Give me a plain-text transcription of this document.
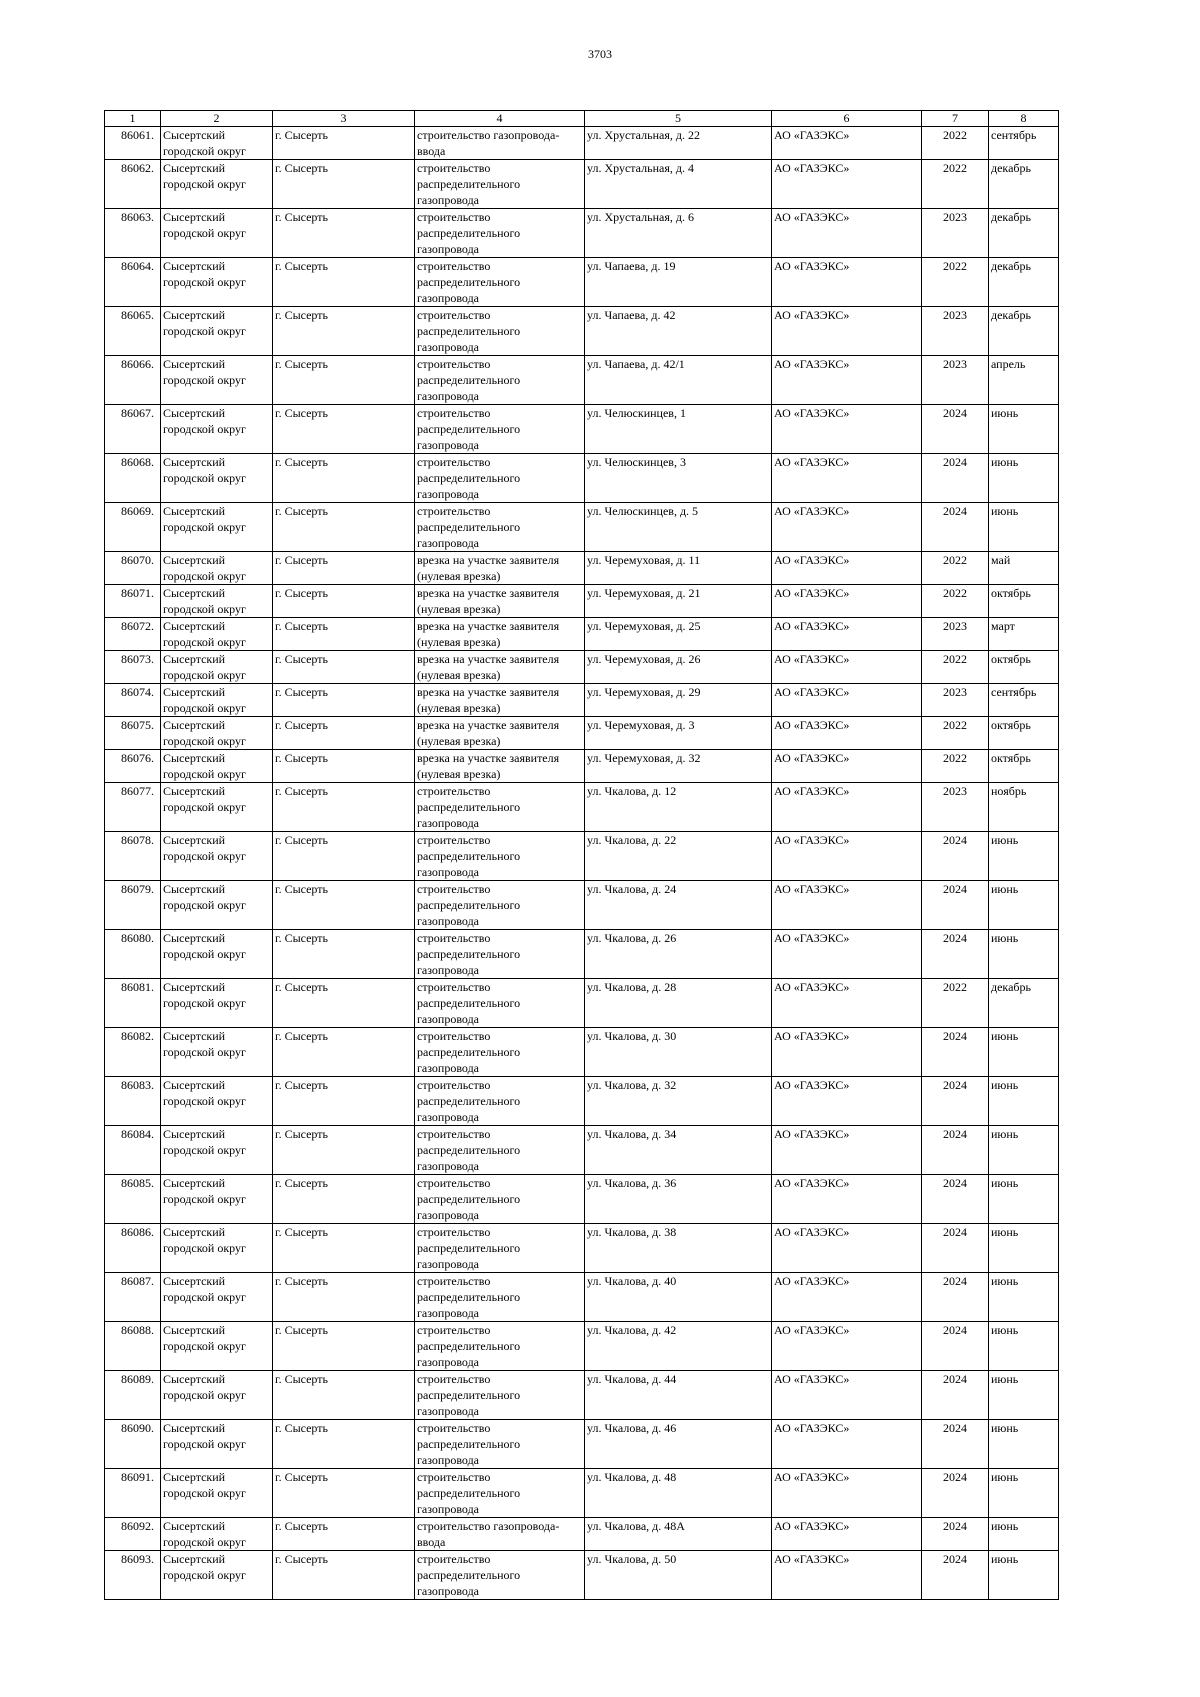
3703
1	2	3	4	5	6	7	8
86061.	Сысертский городской округ	г. Сысерть	строительство газопровода-ввода	ул. Хрустальная, д. 22	АО «ГАЗЭКС»	2022	сентябрь
86062.	Сысертский городской округ	г. Сысерть	строительство распределительного газопровода	ул. Хрустальная, д. 4	АО «ГАЗЭКС»	2022	декабрь
86063.	Сысертский городской округ	г. Сысерть	строительство распределительного газопровода	ул. Хрустальная, д. 6	АО «ГАЗЭКС»	2023	декабрь
86064.	Сысертский городской округ	г. Сысерть	строительство распределительного газопровода	ул. Чапаева, д. 19	АО «ГАЗЭКС»	2022	декабрь
86065.	Сысертский городской округ	г. Сысерть	строительство распределительного газопровода	ул. Чапаева, д. 42	АО «ГАЗЭКС»	2023	декабрь
86066.	Сысертский городской округ	г. Сысерть	строительство распределительного газопровода	ул. Чапаева, д. 42/1	АО «ГАЗЭКС»	2023	апрель
86067.	Сысертский городской округ	г. Сысерть	строительство распределительного газопровода	ул. Челюскинцев, 1	АО «ГАЗЭКС»	2024	июнь
86068.	Сысертский городской округ	г. Сысерть	строительство распределительного газопровода	ул. Челюскинцев, 3	АО «ГАЗЭКС»	2024	июнь
86069.	Сысертский городской округ	г. Сысерть	строительство распределительного газопровода	ул. Челюскинцев, д. 5	АО «ГАЗЭКС»	2024	июнь
86070.	Сысертский городской округ	г. Сысерть	врезка на участке заявителя (нулевая врезка)	ул. Черемуховая, д. 11	АО «ГАЗЭКС»	2022	май
86071.	Сысертский городской округ	г. Сысерть	врезка на участке заявителя (нулевая врезка)	ул. Черемуховая, д. 21	АО «ГАЗЭКС»	2022	октябрь
86072.	Сысертский городской округ	г. Сысерть	врезка на участке заявителя (нулевая врезка)	ул. Черемуховая, д. 25	АО «ГАЗЭКС»	2023	март
86073.	Сысертский городской округ	г. Сысерть	врезка на участке заявителя (нулевая врезка)	ул. Черемуховая, д. 26	АО «ГАЗЭКС»	2022	октябрь
86074.	Сысертский городской округ	г. Сысерть	врезка на участке заявителя (нулевая врезка)	ул. Черемуховая, д. 29	АО «ГАЗЭКС»	2023	сентябрь
86075.	Сысертский городской округ	г. Сысерть	врезка на участке заявителя (нулевая врезка)	ул. Черемуховая, д. 3	АО «ГАЗЭКС»	2022	октябрь
86076.	Сысертский городской округ	г. Сысерть	врезка на участке заявителя (нулевая врезка)	ул. Черемуховая, д. 32	АО «ГАЗЭКС»	2022	октябрь
86077.	Сысертский городской округ	г. Сысерть	строительство распределительного газопровода	ул. Чкалова, д. 12	АО «ГАЗЭКС»	2023	ноябрь
86078.	Сысертский городской округ	г. Сысерть	строительство распределительного газопровода	ул. Чкалова, д. 22	АО «ГАЗЭКС»	2024	июнь
86079.	Сысертский городской округ	г. Сысерть	строительство распределительного газопровода	ул. Чкалова, д. 24	АО «ГАЗЭКС»	2024	июнь
86080.	Сысертский городской округ	г. Сысерть	строительство распределительного газопровода	ул. Чкалова, д. 26	АО «ГАЗЭКС»	2024	июнь
86081.	Сысертский городской округ	г. Сысерть	строительство распределительного газопровода	ул. Чкалова, д. 28	АО «ГАЗЭКС»	2022	декабрь
86082.	Сысертский городской округ	г. Сысерть	строительство распределительного газопровода	ул. Чкалова, д. 30	АО «ГАЗЭКС»	2024	июнь
86083.	Сысертский городской округ	г. Сысерть	строительство распределительного газопровода	ул. Чкалова, д. 32	АО «ГАЗЭКС»	2024	июнь
86084.	Сысертский городской округ	г. Сысерть	строительство распределительного газопровода	ул. Чкалова, д. 34	АО «ГАЗЭКС»	2024	июнь
86085.	Сысертский городской округ	г. Сысерть	строительство распределительного газопровода	ул. Чкалова, д. 36	АО «ГАЗЭКС»	2024	июнь
86086.	Сысертский городской округ	г. Сысерть	строительство распределительного газопровода	ул. Чкалова, д. 38	АО «ГАЗЭКС»	2024	июнь
86087.	Сысертский городской округ	г. Сысерть	строительство распределительного газопровода	ул. Чкалова, д. 40	АО «ГАЗЭКС»	2024	июнь
86088.	Сысертский городской округ	г. Сысерть	строительство распределительного газопровода	ул. Чкалова, д. 42	АО «ГАЗЭКС»	2024	июнь
86089.	Сысертский городской округ	г. Сысерть	строительство распределительного газопровода	ул. Чкалова, д. 44	АО «ГАЗЭКС»	2024	июнь
86090.	Сысертский городской округ	г. Сысерть	строительство распределительного газопровода	ул. Чкалова, д. 46	АО «ГАЗЭКС»	2024	июнь
86091.	Сысертский городской округ	г. Сысерть	строительство распределительного газопровода	ул. Чкалова, д. 48	АО «ГАЗЭКС»	2024	июнь
86092.	Сысертский городской округ	г. Сысерть	строительство газопровода-ввода	ул. Чкалова, д. 48А	АО «ГАЗЭКС»	2024	июнь
86093.	Сысертский городской округ	г. Сысерть	строительство распределительного газопровода	ул. Чкалова, д. 50	АО «ГАЗЭКС»	2024	июнь
